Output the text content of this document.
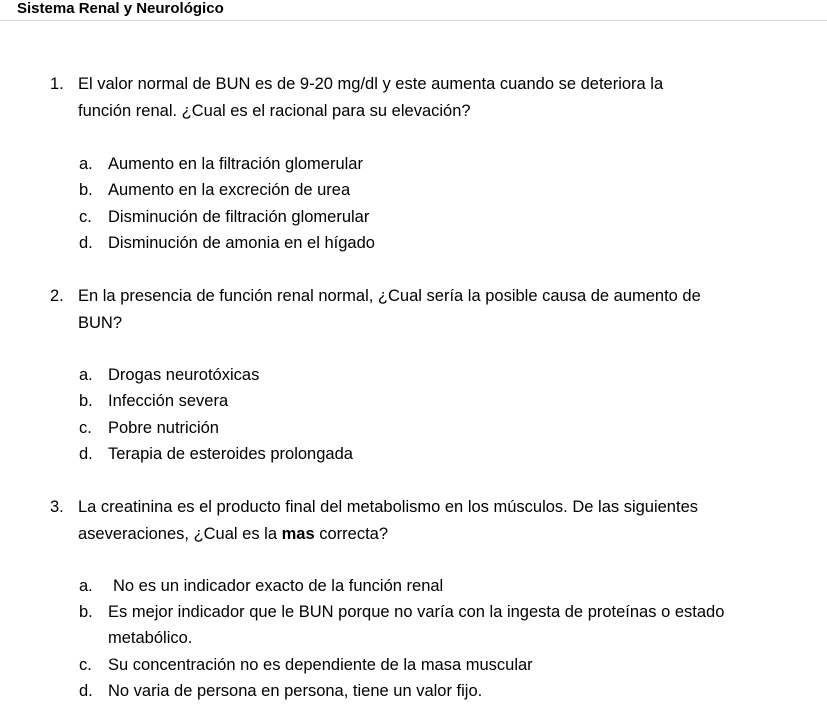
Sistema Renal y Neurológico
1. El valor normal de BUN es de 9-20 mg/dl y este aumenta cuando se deteriora la
función renal. ¿Cual es el racional para su elevación?
a. Aumento en la filtración glomerular
b. Aumento en la excreción de urea
c. Disminución de filtración glomerular
d. Disminución de amonia en el hígado
2. En la presencia de función renal normal, ¿Cual sería la posible causa de aumento de
BUN?
a. Drogas neurotóxicas
b. Infección severa
c. Pobre nutrición
d. Terapia de esteroides prolongada
3. La creatinina es el producto final del metabolismo en los músculos. De las siguientes
aseveraciones, ¿Cual es la mas correcta?
a. No es un indicador exacto de la función renal
b. Es mejor indicador que le BUN porque no varía con la ingesta de proteínas o estado
metabólico.
c. Su concentración no es dependiente de la masa muscular
d. No varia de persona en persona, tiene un valor fijo.
